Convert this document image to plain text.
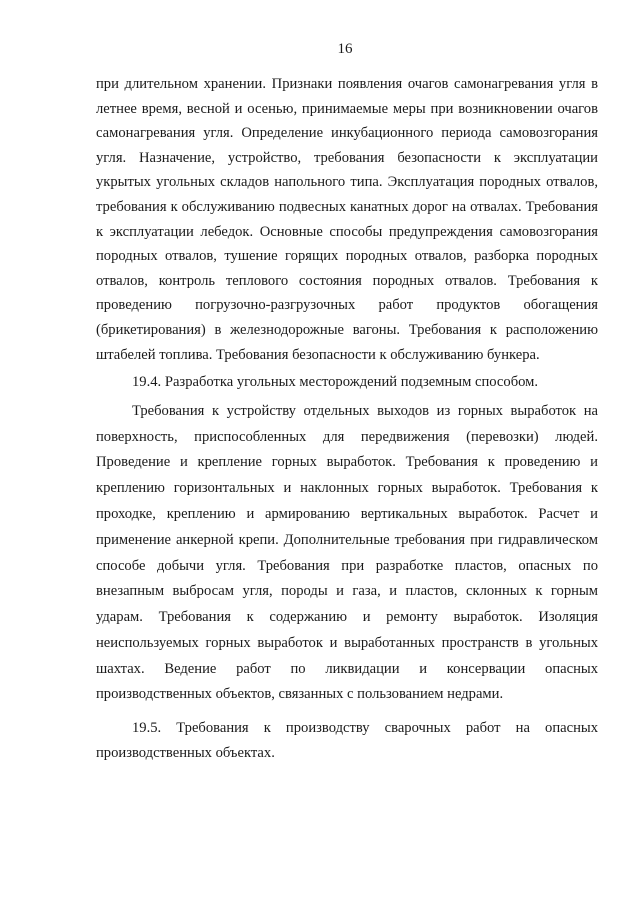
16

при длительном хранении. Признаки появления очагов самонагревания угля в летнее время, весной и осенью, принимаемые меры при возникновении очагов самонагревания угля. Определение инкубационного периода самовозгорания угля. Назначение, устройство, требования безопасности к эксплуатации укрытых угольных складов напольного типа. Эксплуатация породных отвалов, требования к обслуживанию подвесных канатных дорог на отвалах. Требования к эксплуатации лебедок. Основные способы предупреждения самовозгорания породных отвалов, тушение горящих породных отвалов, разборка породных отвалов, контроль теплового состояния породных отвалов. Требования к проведению погрузочно-разгрузочных работ продуктов обогащения (брикетирования) в железнодорожные вагоны. Требования к расположению штабелей топлива. Требования безопасности к обслуживанию бункера.

19.4. Разработка угольных месторождений подземным способом.

Требования к устройству отдельных выходов из горных выработок на поверхность, приспособленных для передвижения (перевозки) людей. Проведение и крепление горных выработок. Требования к проведению и креплению горизонтальных и наклонных горных выработок. Требования к проходке, креплению и армированию вертикальных выработок. Расчет и применение анкерной крепи. Дополнительные требования при гидравлическом способе добычи угля. Требования при разработке пластов, опасных по внезапным выбросам угля, породы и газа, и пластов, склонных к горным ударам. Требования к содержанию и ремонту выработок. Изоляция неиспользуемых горных выработок и выработанных пространств в угольных шахтах. Ведение работ по ликвидации и консервации опасных производственных объектов, связанных с пользованием недрами.

19.5. Требования к производству сварочных работ на опасных производственных объектах.
